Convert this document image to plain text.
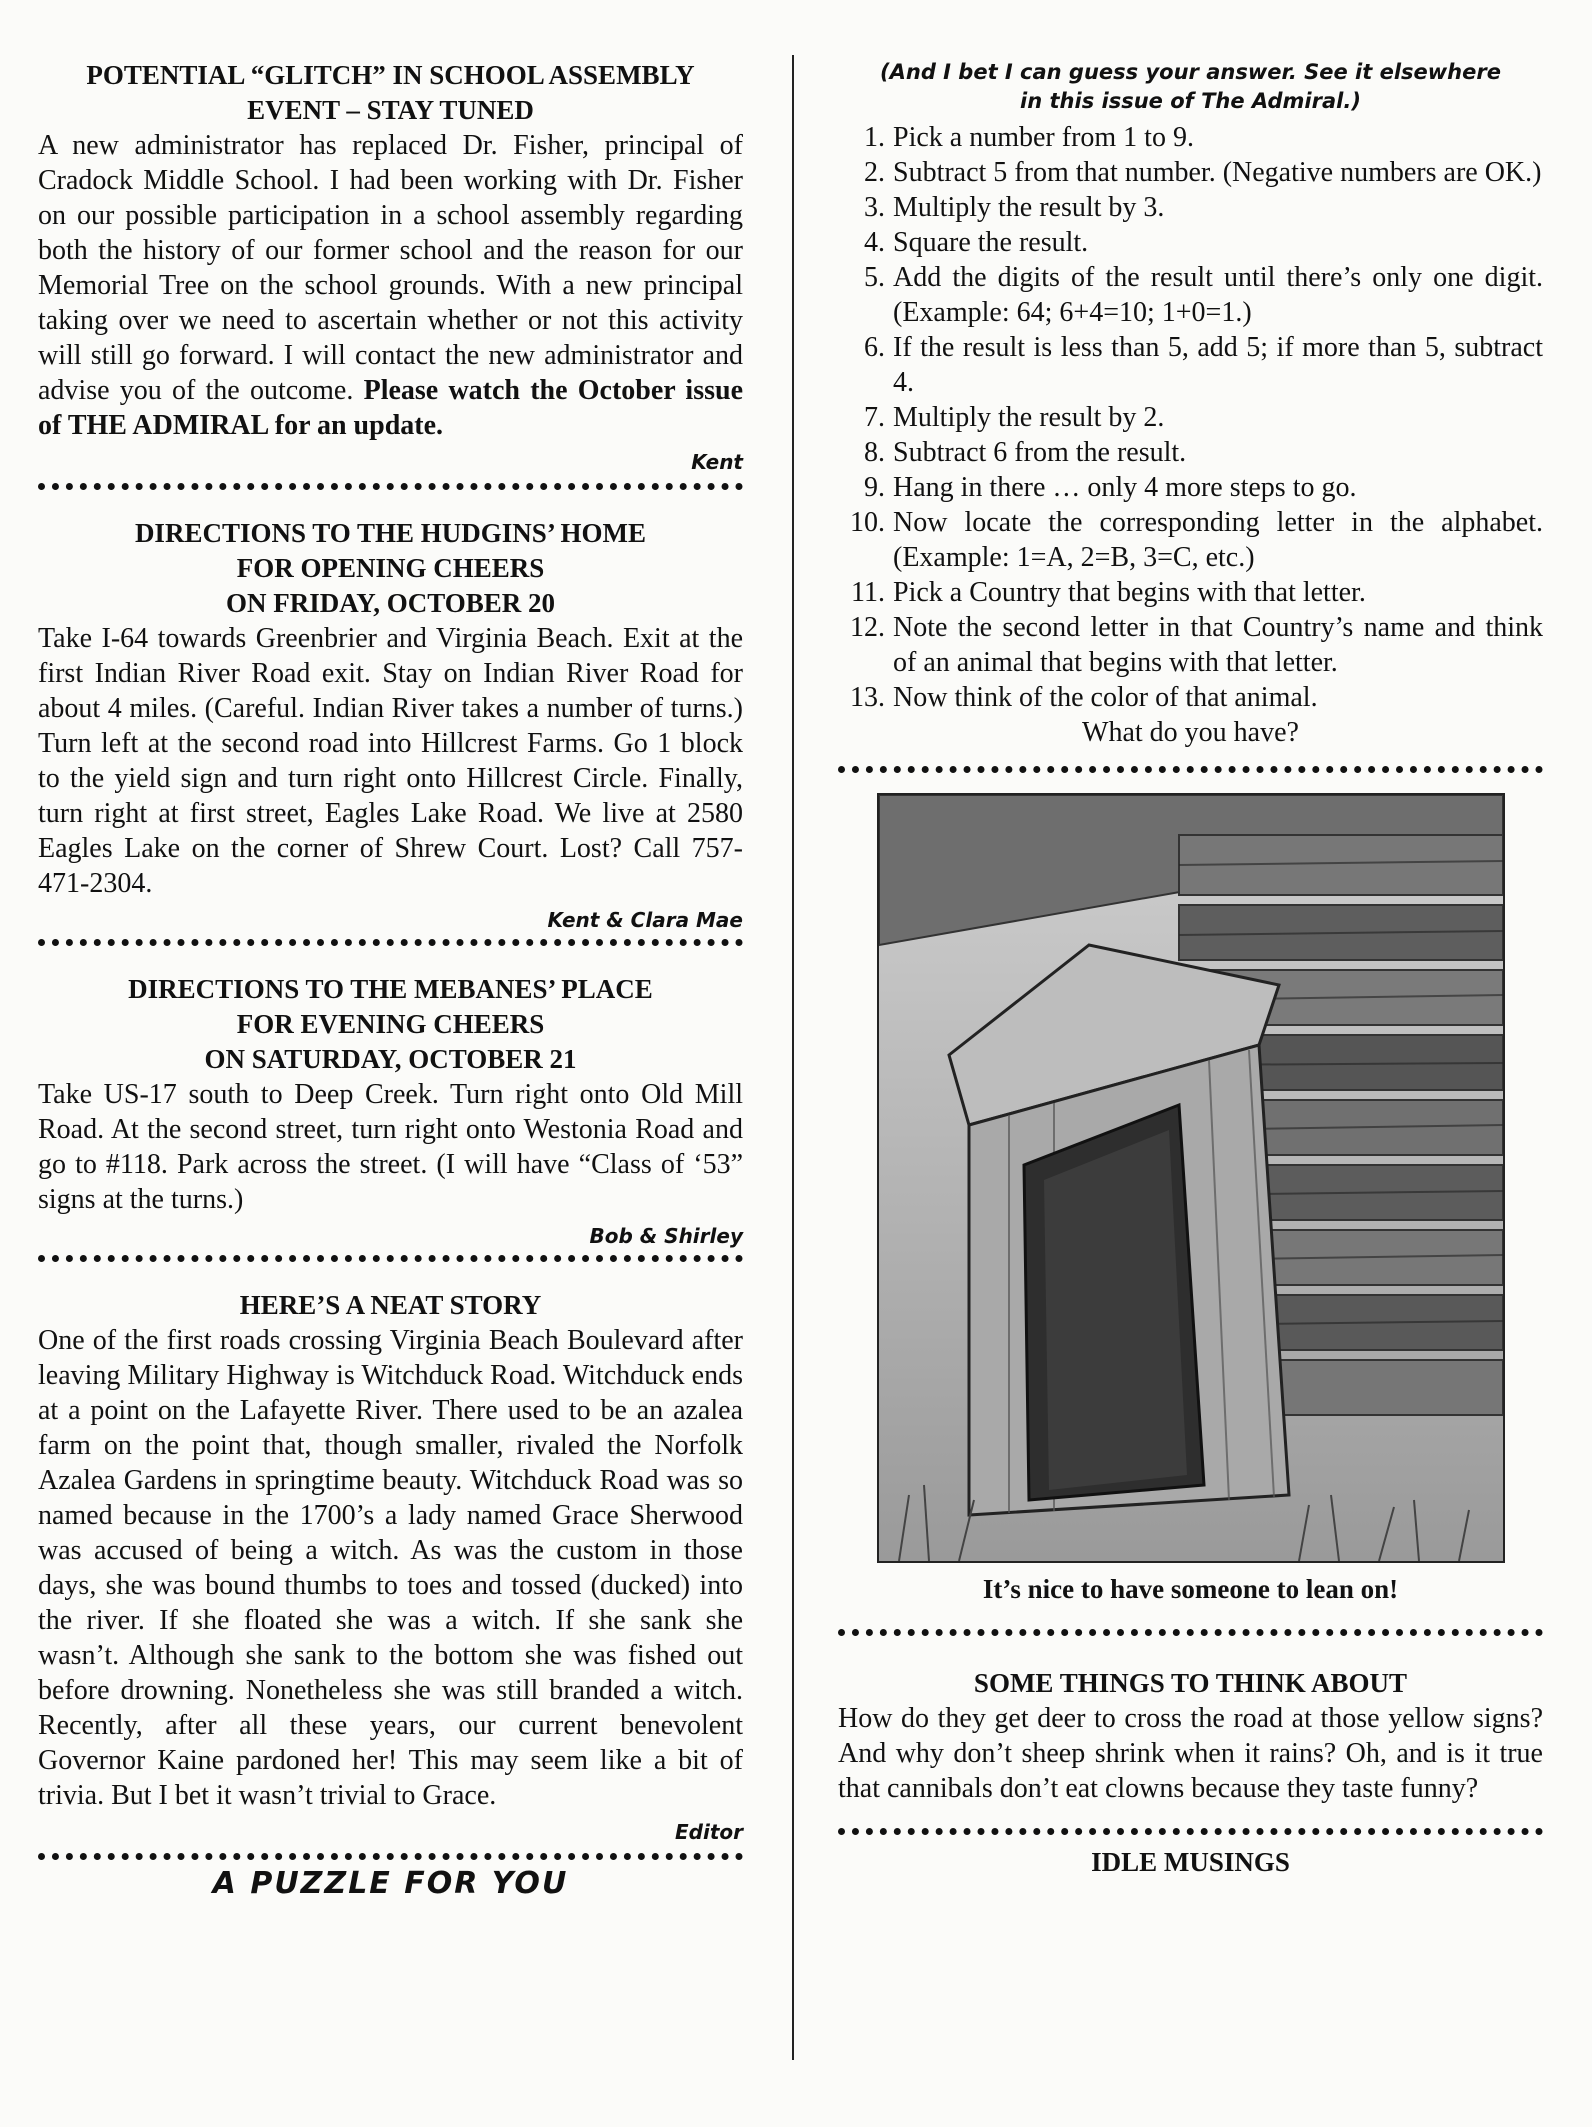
POTENTIAL “GLITCH” IN SCHOOL ASSEMBLY

EVENT – STAY TUNED

A new administrator has replaced Dr. Fisher, principal of Cradock Middle School. I had been working with Dr. Fisher on our possible participation in a school assembly regarding both the history of our former school and the reason for our Memorial Tree on the school grounds. With a new principal taking over we need to ascertain whether or not this activity will still go forward. I will contact the new administrator and advise you of the outcome. Please watch the October issue of THE ADMIRAL for an update.

Kent

DIRECTIONS TO THE HUDGINS’ HOME

FOR OPENING CHEERS

ON FRIDAY, OCTOBER 20

Take I-64 towards Greenbrier and Virginia Beach. Exit at the first Indian River Road exit. Stay on Indian River Road for about 4 miles. (Careful. Indian River takes a number of turns.) Turn left at the second road into Hillcrest Farms. Go 1 block to the yield sign and turn right onto Hillcrest Circle. Finally, turn right at first street, Eagles Lake Road. We live at 2580 Eagles Lake on the corner of Shrew Court. Lost? Call 757-471-2304.

Kent & Clara Mae

DIRECTIONS TO THE MEBANES’ PLACE

FOR EVENING CHEERS

ON SATURDAY, OCTOBER 21

Take US-17 south to Deep Creek. Turn right onto Old Mill Road. At the second street, turn right onto Westonia Road and go to #118. Park across the street. (I will have “Class of ‘53” signs at the turns.)

Bob & Shirley

HERE’S A NEAT STORY

One of the first roads crossing Virginia Beach Boulevard after leaving Military Highway is Witchduck Road. Witchduck ends at a point on the Lafayette River. There used to be an azalea farm on the point that, though smaller, rivaled the Norfolk Azalea Gardens in springtime beauty. Witchduck Road was so named because in the 1700’s a lady named Grace Sherwood was accused of being a witch. As was the custom in those days, she was bound thumbs to toes and tossed (ducked) into the river. If she floated she was a witch. If she sank she wasn’t. Although she sank to the bottom she was fished out before drowning. Nonetheless she was still branded a witch. Recently, after all these years, our current benevolent Governor Kaine pardoned her! This may seem like a bit of trivia. But I bet it wasn’t trivial to Grace.

Editor

A PUZZLE FOR YOU

(And I bet I can guess your answer. See it elsewhere

in this issue of The Admiral.)

1. Pick a number from 1 to 9.
2. Subtract 5 from that number. (Negative numbers are OK.)
3. Multiply the result by 3.
4. Square the result.
5. Add the digits of the result until there’s only one digit. (Example: 64; 6+4=10; 1+0=1.)
6. If the result is less than 5, add 5; if more than 5, subtract 4.
7. Multiply the result by 2.
8. Subtract 6 from the result.
9. Hang in there … only 4 more steps to go.
10. Now locate the corresponding letter in the alphabet. (Example: 1=A, 2=B, 3=C, etc.)
11. Pick a Country that begins with that letter.
12. Note the second letter in that Country’s name and think of an animal that begins with that letter.
13. Now think of the color of that animal.

What do you have?

It’s nice to have someone to lean on!

SOME THINGS TO THINK ABOUT

How do they get deer to cross the road at those yellow signs? And why don’t sheep shrink when it rains? Oh, and is it true that cannibals don’t eat clowns because they taste funny?

IDLE MUSINGS
